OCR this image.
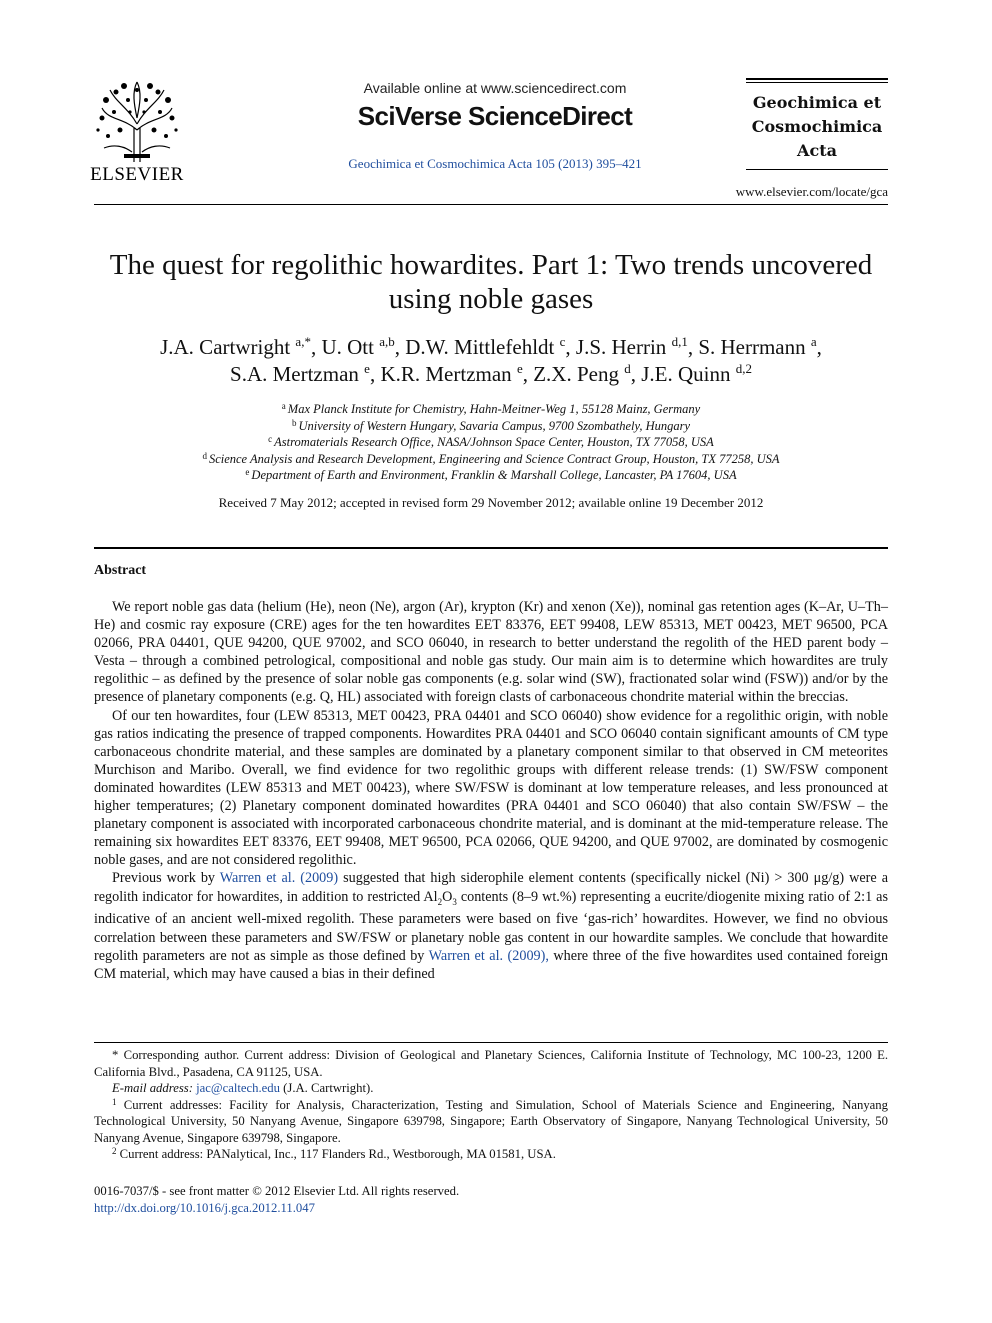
ELSEVIER
Available online at www.sciencedirect.com
SciVerse ScienceDirect
Geochimica et Cosmochimica Acta 105 (2013) 395–421
Geochimica et
Cosmochimica
Acta
www.elsevier.com/locate/gca
The quest for regolithic howardites. Part 1: Two trends uncovered
using noble gases
J.A. Cartwright $^{a,*}$, U. Ott $^{a,b}$, D.W. Mittlefehldt $^c$, J.S. Herrin $^{d,1}$, S. Herrmann $^a$,
S.A. Mertzman $^e$, K.R. Mertzman $^e$, Z.X. Peng $^d$, J.E. Quinn $^{d,2}$
$^a$ Max Planck Institute for Chemistry, Hahn-Meitner-Weg 1, 55128 Mainz, Germany
$^b$ University of Western Hungary, Savaria Campus, 9700 Szombathely, Hungary
$^c$ Astromaterials Research Office, NASA/Johnson Space Center, Houston, TX 77058, USA
$^d$ Science Analysis and Research Development, Engineering and Science Contract Group, Houston, TX 77258, USA
$^e$ Department of Earth and Environment, Franklin & Marshall College, Lancaster, PA 17604, USA
Received 7 May 2012; accepted in revised form 29 November 2012; available online 19 December 2012
Abstract

We report noble gas data (helium (He), neon (Ne), argon (Ar), krypton (Kr) and xenon (Xe)), nominal gas retention ages (K–Ar, U–Th–He) and cosmic ray exposure (CRE) ages for the ten howardites EET 83376, EET 99408, LEW 85313, MET 00423, MET 96500, PCA 02066, PRA 04401, QUE 94200, QUE 97002, and SCO 06040, in research to better understand the regolith of the HED parent body – Vesta – through a combined petrological, compositional and noble gas study. Our main aim is to determine which howardites are truly regolithic – as defined by the presence of solar noble gas components (e.g. solar wind (SW), fractionated solar wind (FSW)) and/or by the presence of planetary components (e.g. Q, HL) associated with foreign clasts of carbonaceous chondrite material within the breccias.

Of our ten howardites, four (LEW 85313, MET 00423, PRA 04401 and SCO 06040) show evidence for a regolithic origin, with noble gas ratios indicating the presence of trapped components. Howardites PRA 04401 and SCO 06040 contain significant amounts of CM type carbonaceous chondrite material, and these samples are dominated by a planetary component similar to that observed in CM meteorites Murchison and Maribo. Overall, we find evidence for two regolithic groups with different release trends: (1) SW/FSW component dominated howardites (LEW 85313 and MET 00423), where SW/FSW is dominant at low temperature releases, and less pronounced at higher temperatures; (2) Planetary component dominated howardites (PRA 04401 and SCO 06040) that also contain SW/FSW – the planetary component is associated with incorporated carbonaceous chondrite material, and is dominant at the mid-temperature release. The remaining six howardites EET 83376, EET 99408, MET 96500, PCA 02066, QUE 94200, and QUE 97002, are dominated by cosmogenic noble gases, and are not considered regolithic.

Previous work by Warren et al. (2009) suggested that high siderophile element contents (specifically nickel (Ni) > 300 μg/g) were a regolith indicator for howardites, in addition to restricted $Al_2O_3$ contents (8–9 wt.%) representing a eucrite/diogenite mixing ratio of 2:1 as indicative of an ancient well-mixed regolith. These parameters were based on five ‘gas-rich’ howardites. However, we find no obvious correlation between these parameters and SW/FSW or planetary noble gas content in our howardite samples. We conclude that howardite regolith parameters are not as simple as those defined by Warren et al. (2009), where three of the five howardites used contained foreign CM material, which may have caused a bias in their defined

* Corresponding author. Current address: Division of Geological and Planetary Sciences, California Institute of Technology, MC 100-23, 1200 E. California Blvd., Pasadena, CA 91125, USA.

E-mail address: jac@caltech.edu (J.A. Cartwright).

$^1$ Current addresses: Facility for Analysis, Characterization, Testing and Simulation, School of Materials Science and Engineering, Nanyang Technological University, 50 Nanyang Avenue, Singapore 639798, Singapore; Earth Observatory of Singapore, Nanyang Technological University, 50 Nanyang Avenue, Singapore 639798, Singapore.

$^2$ Current address: PANalytical, Inc., 117 Flanders Rd., Westborough, MA 01581, USA.

0016-7037/$ - see front matter © 2012 Elsevier Ltd. All rights reserved.
http://dx.doi.org/10.1016/j.gca.2012.11.047
